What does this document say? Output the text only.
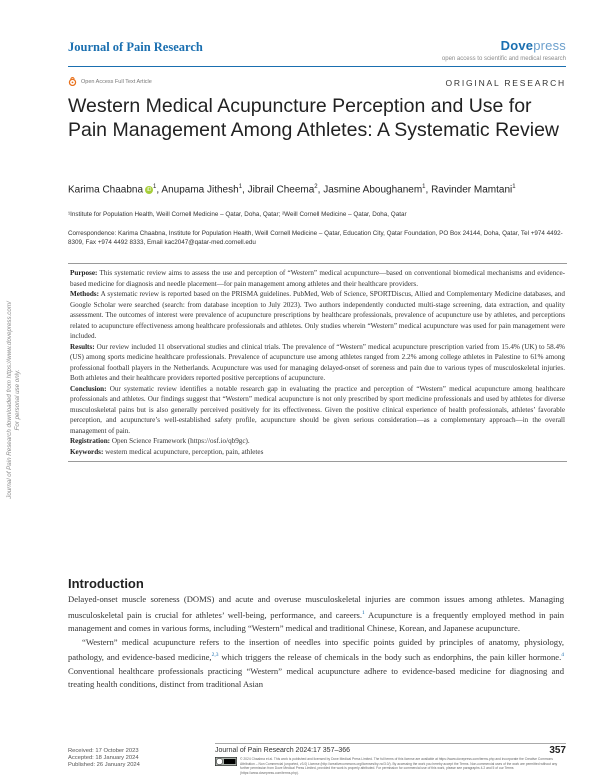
Journal of Pain Research	Dovepress
open access to scientific and medical research
Open Access Full Text Article	ORIGINAL RESEARCH
Western Medical Acupuncture Perception and Use for Pain Management Among Athletes: A Systematic Review
Karima Chaabna $iD^1$, Anupama Jithesh$^1$, Jibrail Cheema$^2$, Jasmine Aboughanem$^1$, Ravinder Mamtani$^1$
¹Institute for Population Health, Weill Cornell Medicine – Qatar, Doha, Qatar; ²Weill Cornell Medicine – Qatar, Doha, Qatar
Correspondence: Karima Chaabna, Institute for Population Health, Weill Cornell Medicine – Qatar, Education City, Qatar Foundation, PO Box 24144, Doha, Qatar, Tel +974 4492-8309, Fax +974 4492 8333, Email kac2047@qatar-med.cornell.edu

Purpose: This systematic review aims to assess the use and perception of “Western” medical acupuncture—based on conventional biomedical mechanisms and evidence-based medicine for diagnosis and needle placement—for pain management among athletes and their healthcare providers.

Methods: A systematic review is reported based on the PRISMA guidelines. PubMed, Web of Science, SPORTDiscus, Allied and Complementary Medicine databases, and Google Scholar were searched (search: from database inception to July 2023). Two authors independently conducted multi-stage screening, data extraction, and quality assessment. The outcomes of interest were prevalence of acupuncture prescriptions by healthcare professionals, prevalence of acupuncture use by athletes, and perceptions related to acupuncture effectiveness among healthcare professionals and athletes. Only studies wherein “Western” medical acupuncture was used for pain management were included.

Results: Our review included 11 observational studies and clinical trials. The prevalence of “Western” medical acupuncture prescription varied from 15.4% (UK) to 58.4% (US) among sports medicine healthcare professionals. Prevalence of acupuncture use among athletes ranged from 2.2% among college athletes in Palestine to 61% among professional football players in the Netherlands. Acupuncture was used for managing delayed-onset of soreness and pain due to various types of musculoskeletal injuries. Both athletes and their healthcare providers reported positive perceptions of acupuncture.

Conclusion: Our systematic review identifies a notable research gap in evaluating the practice and perception of “Western” medical acupuncture among healthcare professionals and athletes. Our findings suggest that “Western” medical acupuncture is not only prescribed by sport medicine professionals and used by athletes for diverse musculoskeletal pains but is also generally perceived positively for its effectiveness. Given the positive clinical experience of health professionals, athletes’ favorable perception, and acupuncture’s well-established safety profile, acupuncture should be given serious consideration—as a complementary approach—in the overall management of pain.

Registration: Open Science Framework (https://osf.io/qb9gc).

Keywords: western medical acupuncture, perception, pain, athletes

Introduction

Delayed-onset muscle soreness (DOMS) and acute and overuse musculoskeletal injuries are common issues among athletes. Managing musculoskeletal pain is crucial for athletes’ well-being, performance, and careers.$^1$ Acupuncture is a frequently employed method in pain management and comes in various forms, including “Western” medical and traditional Chinese, Korean, and Japanese acupuncture.

“Western” medical acupuncture refers to the insertion of needles into specific points guided by principles of anatomy, physiology, pathology, and evidence-based medicine,$^{2,3}$ which triggers the release of chemicals in the body such as endorphins, the pain killer hormone.$^4$ Conventional healthcare professionals practicing “Western” medical acupuncture adhere to evidence-based medicine for diagnosing and treating health conditions, distinct from traditional Asian

Journal of Pain Research downloaded from https://www.dovepress.com/ For personal use only.
Received: 17 October 2023
Accepted: 18 January 2024
Published: 26 January 2024
Journal of Pain Research 2024:17 357–366	357
© 2024 Chaabna et al. This work is published and licensed by Dove Medical Press Limited. The full terms of this license are available at https://www.dovepress.com/terms.php and incorporate the Creative Commons Attribution – Non Commercial (unported, v3.0) License (http://creativecommons.org/licenses/by-nc/3.0/). By accessing the work you hereby accept the Terms. Non-commercial uses of the work are permitted without any further permission from Dove Medical Press Limited, provided the work is properly attributed. For permission for commercial use of this work, please see paragraphs 4.2 and 5 of our Terms (https://www.dovepress.com/terms.php).
